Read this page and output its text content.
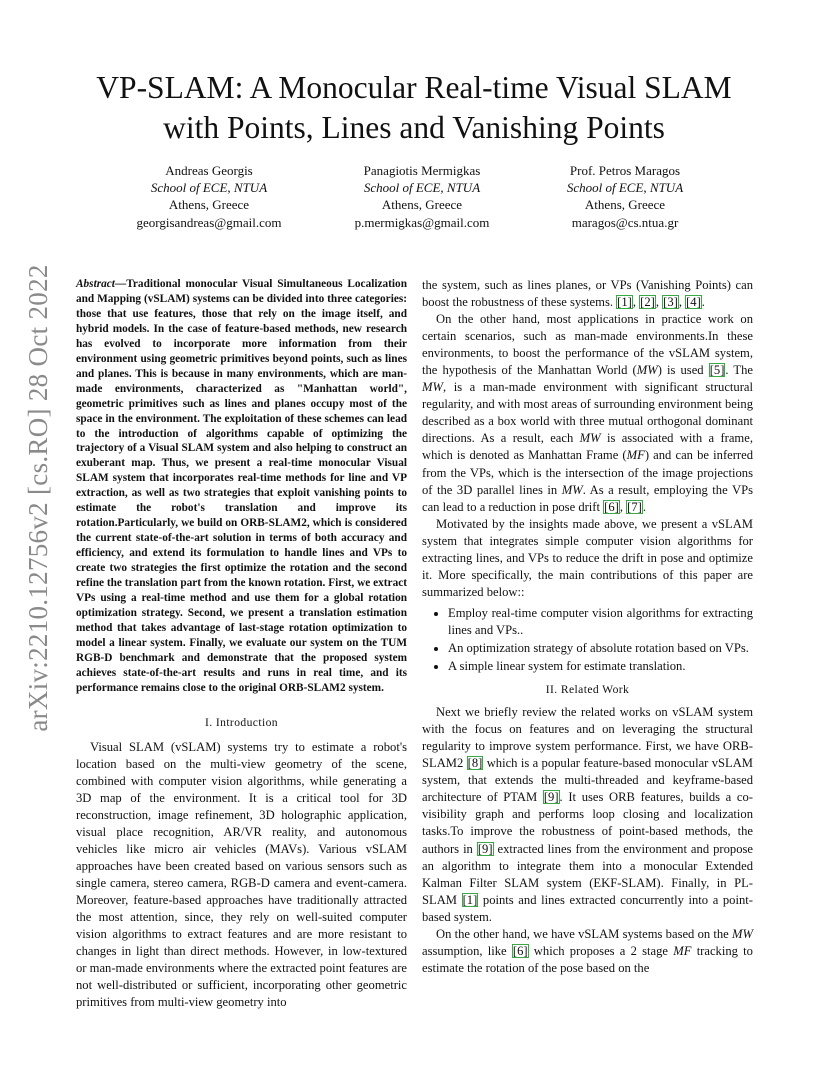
VP-SLAM: A Monocular Real-time Visual SLAM
with Points, Lines and Vanishing Points
Andreas Georgis
School of ECE, NTUA
Athens, Greece
georgisandreas@gmail.com
Panagiotis Mermigkas
School of ECE, NTUA
Athens, Greece
p.mermigkas@gmail.com
Prof. Petros Maragos
School of ECE, NTUA
Athens, Greece
maragos@cs.ntua.gr
arXiv:2210.12756v2 [cs.RO] 28 Oct 2022 Abstract—Traditional monocular Visual Simultaneous Localization and Mapping (vSLAM) systems can be divided into three categories: those that use features, those that rely on the image itself, and hybrid models. In the case of feature-based methods, new research has evolved to incorporate more information from their environment using geometric primitives beyond points, such as lines and planes. This is because in many environments, which are man-made environments, characterized as "Manhattan world", geometric primitives such as lines and planes occupy most of the space in the environment. The exploitation of these schemes can lead to the introduction of algorithms capable of optimizing the trajectory of a Visual SLAM system and also helping to construct an exuberant map. Thus, we present a real-time monocular Visual SLAM system that incorporates real-time methods for line and VP extraction, as well as two strategies that exploit vanishing points to estimate the robot's translation and improve its rotation.Particularly, we build on ORB-SLAM2, which is considered the current state-of-the-art solution in terms of both accuracy and efficiency, and extend its formulation to handle lines and VPs to create two strategies the first optimize the rotation and the second refine the translation part from the known rotation. First, we extract VPs using a real-time method and use them for a global rotation optimization strategy. Second, we present a translation estimation method that takes advantage of last-stage rotation optimization to model a linear system. Finally, we evaluate our system on the TUM RGB-D benchmark and demonstrate that the proposed system achieves state-of-the-art results and runs in real time, and its performance remains close to the original ORB-SLAM2 system.
I. Introduction

Visual SLAM (vSLAM) systems try to estimate a robot's location based on the multi-view geometry of the scene, combined with computer vision algorithms, while generating a 3D map of the environment. It is a critical tool for 3D reconstruction, image refinement, 3D holographic application, visual place recognition, AR/VR reality, and autonomous vehicles like micro air vehicles (MAVs). Various vSLAM approaches have been created based on various sensors such as single camera, stereo camera, RGB-D camera and event-camera. Moreover, feature-based approaches have traditionally attracted the most attention, since, they rely on well-suited computer vision algorithms to extract features and are more resistant to changes in light than direct methods. However, in low-textured or man-made environments where the extracted point features are not well-distributed or sufficient, incorporating other geometric primitives from multi-view geometry into

the system, such as lines planes, or VPs (Vanishing Points) can boost the robustness of these systems. [1], [2], [3], [4].

On the other hand, most applications in practice work on certain scenarios, such as man-made environments.In these environments, to boost the performance of the vSLAM system, the hypothesis of the Manhattan World (MW) is used [5]. The MW, is a man-made environment with significant structural regularity, and with most areas of surrounding environment being described as a box world with three mutual orthogonal dominant directions. As a result, each MW is associated with a frame, which is denoted as Manhattan Frame (MF) and can be inferred from the VPs, which is the intersection of the image projections of the 3D parallel lines in MW. As a result, employing the VPs can lead to a reduction in pose drift [6], [7].

Motivated by the insights made above, we present a vSLAM system that integrates simple computer vision algorithms for extracting lines, and VPs to reduce the drift in pose and optimize it. More specifically, the main contributions of this paper are summarized below::

• Employ real-time computer vision algorithms for extracting lines and VPs..
• An optimization strategy of absolute rotation based on VPs.
• A simple linear system for estimate translation.
II. Related Work

Next we briefly review the related works on vSLAM system with the focus on features and on leveraging the structural regularity to improve system performance. First, we have ORB-SLAM2 [8] which is a popular feature-based monocular vSLAM system, that extends the multi-threaded and keyframe-based architecture of PTAM [9]. It uses ORB features, builds a co-visibility graph and performs loop closing and localization tasks.To improve the robustness of point-based methods, the authors in [9] extracted lines from the environment and propose an algorithm to integrate them into a monocular Extended Kalman Filter SLAM system (EKF-SLAM). Finally, in PL-SLAM [1] points and lines extracted concurrently into a point-based system.

On the other hand, we have vSLAM systems based on the MW assumption, like [6] which proposes a 2 stage MF tracking to estimate the rotation of the pose based on the
